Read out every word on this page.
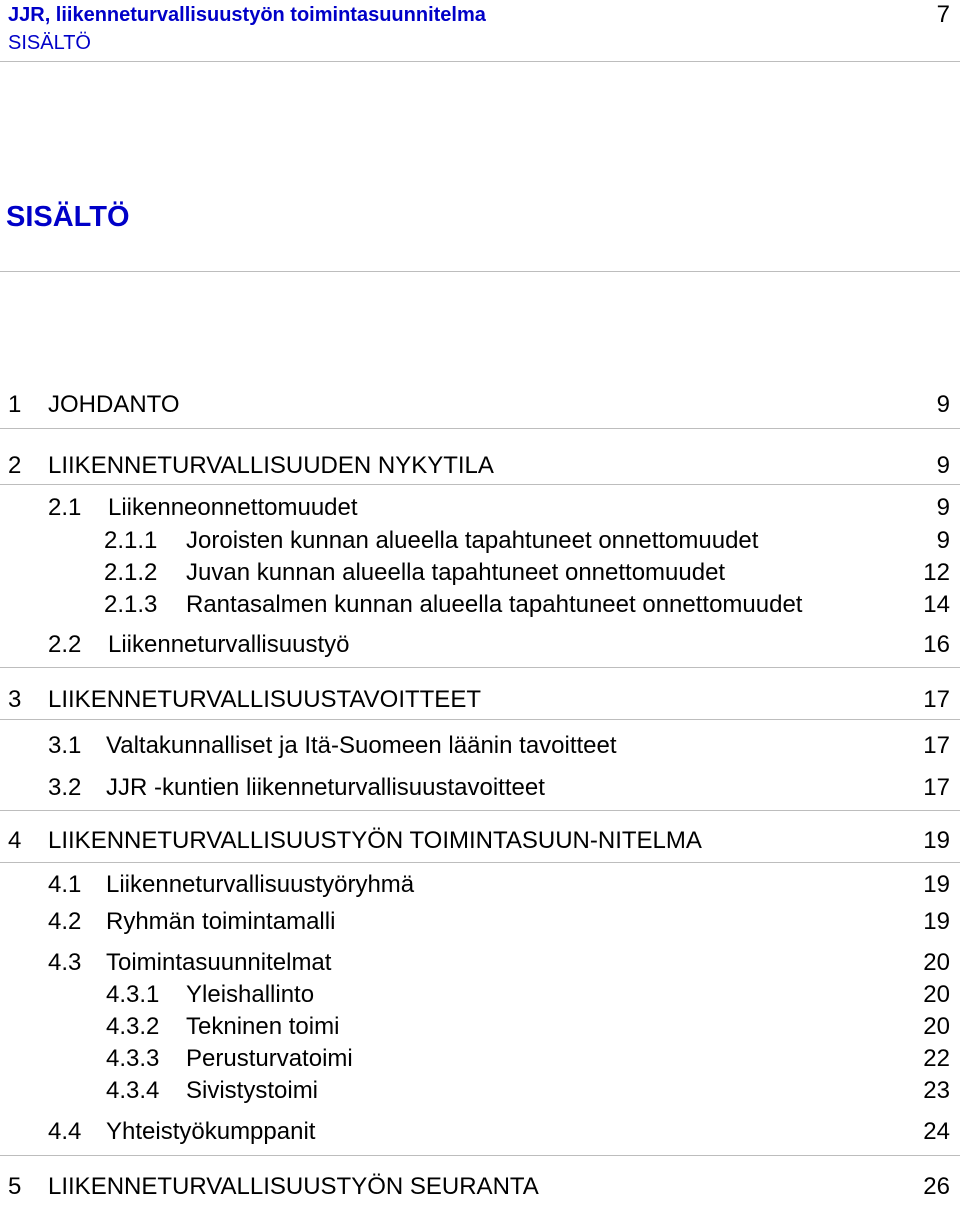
JJR, liikenneturvallisuustyön toimintasuunnitelma	7
SISÄLTÖ
SISÄLTÖ
1 JOHDANTO	9
2 LIIKENNETURVALLISUUDEN NYKYTILA	9
2.1 Liikenneonnettomuudet	9
2.1.1 Joroisten kunnan alueella tapahtuneet onnettomuudet	9
2.1.2 Juvan kunnan alueella tapahtuneet onnettomuudet	12
2.1.3 Rantasalmen kunnan alueella tapahtuneet onnettomuudet	14
2.2 Liikenneturvallisuustyö	16
3 LIIKENNETURVALLISUUSTAVOITTEET	17
3.1 Valtakunnalliset ja Itä-Suomeen läänin tavoitteet	17
3.2 JJR -kuntien liikenneturvallisuustavoitteet	17
4 LIIKENNETURVALLISUUSTYÖN TOIMINTASUUN-NITELMA	19
4.1 Liikenneturvallisuustyöryhmä	19
4.2 Ryhmän toimintamalli	19
4.3 Toimintasuunnitelmat	20
4.3.1 Yleishallinto	20
4.3.2 Tekninen toimi	20
4.3.3 Perusturvatoimi	22
4.3.4 Sivistystoimi	23
4.4 Yhteistyökumppanit	24
5 LIIKENNETURVALLISUUSTYÖN SEURANTA	26
